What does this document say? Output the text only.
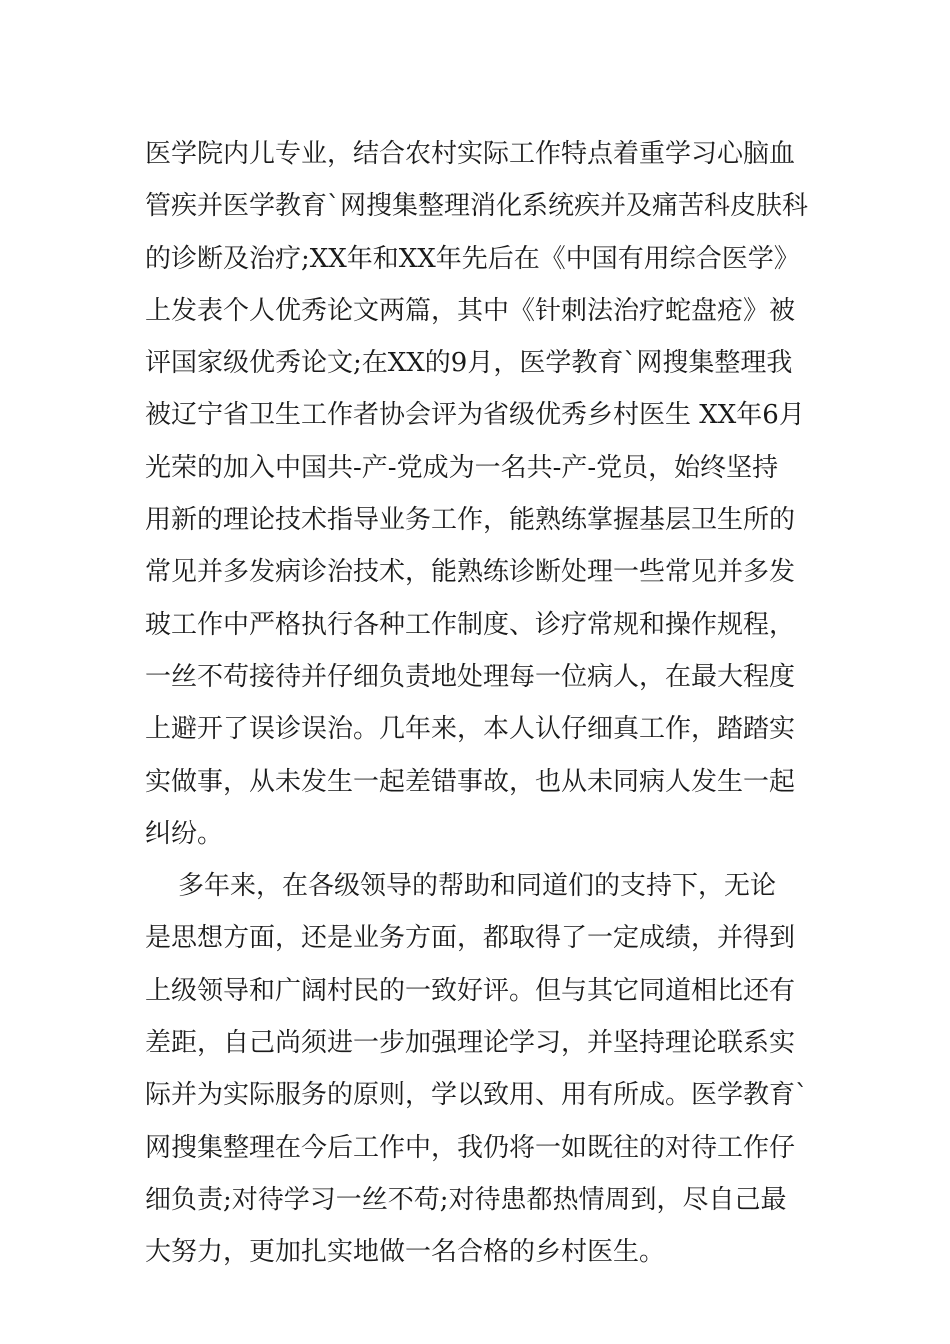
医学院内儿专业，结合农村实际工作特点着重学习心脑血
管疾并医学教育`网搜集整理消化系统疾并及痛苦科皮肤科
的诊断及治疗;XX年和XX年先后在《中国有用综合医学》
上发表个人优秀论文两篇，其中《针刺法治疗蛇盘疮》被
评国家级优秀论文;在XX的9月，医学教育`网搜集整理我
被辽宁省卫生工作者协会评为省级优秀乡村医生 XX年6月
光荣的加入中国共-产-党成为一名共-产-党员，始终坚持
用新的理论技术指导业务工作，能熟练掌握基层卫生所的
常见并多发病诊治技术，能熟练诊断处理一些常见并多发
玻工作中严格执行各种工作制度、诊疗常规和操作规程，
一丝不苟接待并仔细负责地处理每一位病人，在最大程度
上避开了误诊误治。几年来，本人认仔细真工作，踏踏实
实做事，从未发生一起差错事故，也从未同病人发生一起
纠纷。
多年来，在各级领导的帮助和同道们的支持下，无论
是思想方面，还是业务方面，都取得了一定成绩，并得到
上级领导和广阔村民的一致好评。但与其它同道相比还有
差距，自己尚须进一步加强理论学习，并坚持理论联系实
际并为实际服务的原则，学以致用、用有所成。医学教育`
网搜集整理在今后工作中，我仍将一如既往的对待工作仔
细负责;对待学习一丝不苟;对待患都热情周到，尽自己最
大努力，更加扎实地做一名合格的乡村医生。
